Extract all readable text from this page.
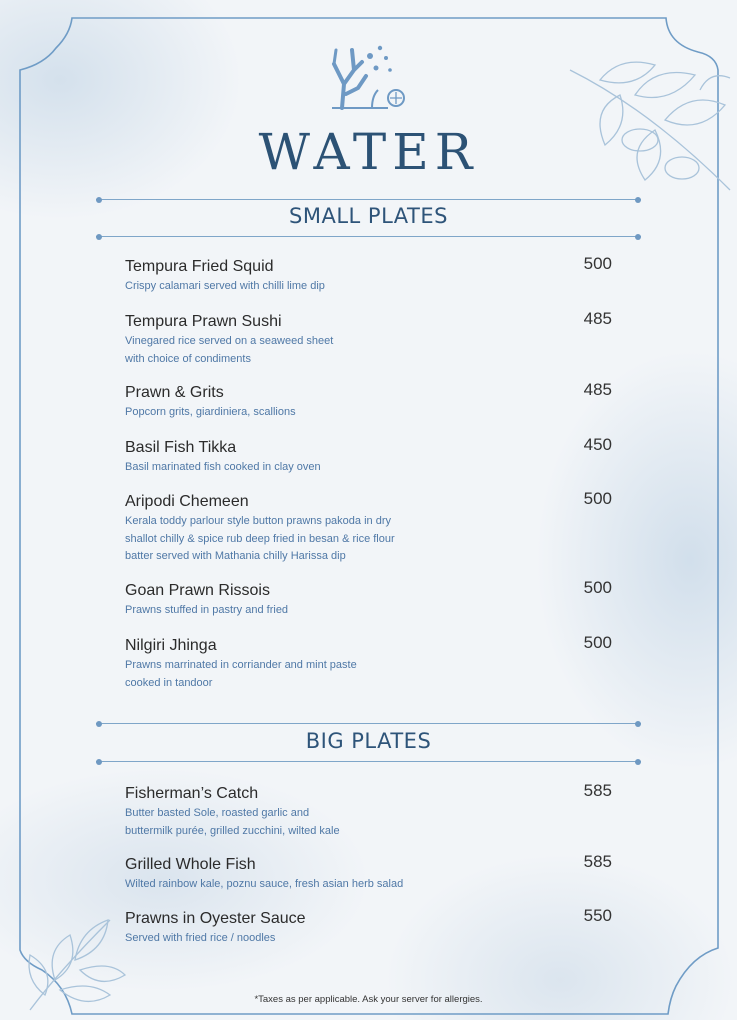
WATER
SMALL PLATES
Tempura Fried Squid
Crispy calamari served with chilli lime dip
500
Tempura Prawn Sushi
Vinegared rice served on a seaweed sheet
with choice of condiments
485
Prawn & Grits
Popcorn grits, giardiniera, scallions
485
Basil Fish Tikka
Basil marinated fish cooked in clay oven
450
Aripodi Chemeen
Kerala toddy parlour style button prawns pakoda in dry
shallot chilly & spice rub deep fried in besan & rice flour
batter served with Mathania chilly Harissa dip
500
Goan Prawn Rissois
Prawns stuffed in pastry and fried
500
Nilgiri Jhinga
Prawns marrinated in corriander and mint paste
cooked in tandoor
500
BIG PLATES
Fisherman’s Catch
Butter basted Sole, roasted garlic and
buttermilk purée, grilled zucchini, wilted kale
585
Grilled Whole Fish
Wilted rainbow kale, poznu sauce, fresh asian herb salad
585
Prawns in Oyester Sauce
Served with fried rice / noodles
550
*Taxes as per applicable. Ask your server for allergies.
